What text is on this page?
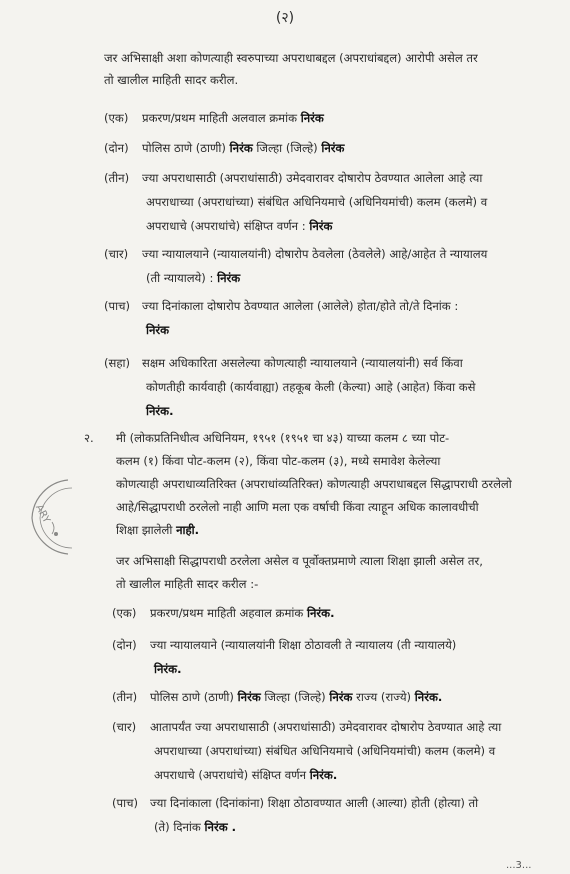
(२)
जर अभिसाक्षी अशा कोणत्याही स्वरुपाच्या अपराधाबद्दल (अपराधांबद्दल) आरोपी असेल तर
तो खालील माहिती सादर करील.
(एक) प्रकरण/प्रथम माहिती अलवाल क्रमांक निरंक
(दोन) पोलिस ठाणे (ठाणी) निरंक जिल्हा (जिल्हे) निरंक
(तीन) ज्या अपराधासाठी (अपराधांसाठी) उमेदवारावर दोषारोप ठेवण्यात आलेला आहे त्या
अपराधाच्या (अपराधांच्या) संबंधित अधिनियमाचे (अधिनियमांची) कलम (कलमे) व
अपराधाचे (अपराधांचे) संक्षिप्त वर्णन : निरंक
(चार) ज्या न्यायालयाने (न्यायालयांनी) दोषारोप ठेवलेला (ठेवलेले) आहे/आहेत ते न्यायालय
(ती न्यायालये) : निरंक
(पाच) ज्या दिनांकाला दोषारोप ठेवण्यात आलेला (आलेले) होता/होते तो/ते दिनांक :
निरंक
(सहा) सक्षम अधिकारिता असलेल्या कोणत्याही न्यायालयाने (न्यायालयांनी) सर्व किंवा
कोणतीही कार्यवाही (कार्यवाह्या) तहकूब केली (केल्या) आहे (आहेत) किंवा कसे
निरंक.
२. मी (लोकप्रतिनिधीत्व अधिनियम, १९५१ (१९५१ चा ४३) याच्या कलम ८ च्या पोट-
कलम (१) किंवा पोट-कलम (२), किंवा पोट-कलम (३), मध्ये समावेश केलेल्या
कोणत्याही अपराधाव्यतिरिक्त (अपराधांव्यतिरिक्त) कोणत्याही अपराधाबद्दल सिद्धापराधी ठरलेलो
आहे/सिद्धापराधी ठरलेलो नाही आणि मला एक वर्षाची किंवा त्याहून अधिक कालावधीची
शिक्षा झालेली नाही.
जर अभिसाक्षी सिद्धापराधी ठरलेला असेल व पूर्वोक्तप्रमाणे त्याला शिक्षा झाली असेल तर,
तो खालील माहिती सादर करील :-
(एक) प्रकरण/प्रथम माहिती अहवाल क्रमांक निरंक.
(दोन) ज्या न्यायालयाने (न्यायालयांनी शिक्षा ठोठावली ते न्यायालय (ती न्यायालये)
निरंक.
(तीन) पोलिस ठाणे (ठाणी) निरंक जिल्हा (जिल्हे) निरंक राज्य (राज्ये) निरंक.
(चार) आतापर्यंत ज्या अपराधासाठी (अपराधांसाठी) उमेदवारावर दोषारोप ठेवण्यात आहे त्या
अपराधाच्या (अपराधांच्या) संबंधित अधिनियमाचे (अधिनियमांची) कलम (कलमे) व
अपराधाचे (अपराधांचे) संक्षिप्त वर्णन निरंक.
(पाच) ज्या दिनांकाला (दिनांकांना) शिक्षा ठोठावण्यात आली (आल्या) होती (होत्या) तो
(ते) दिनांक निरंक .
ARY
...3...
